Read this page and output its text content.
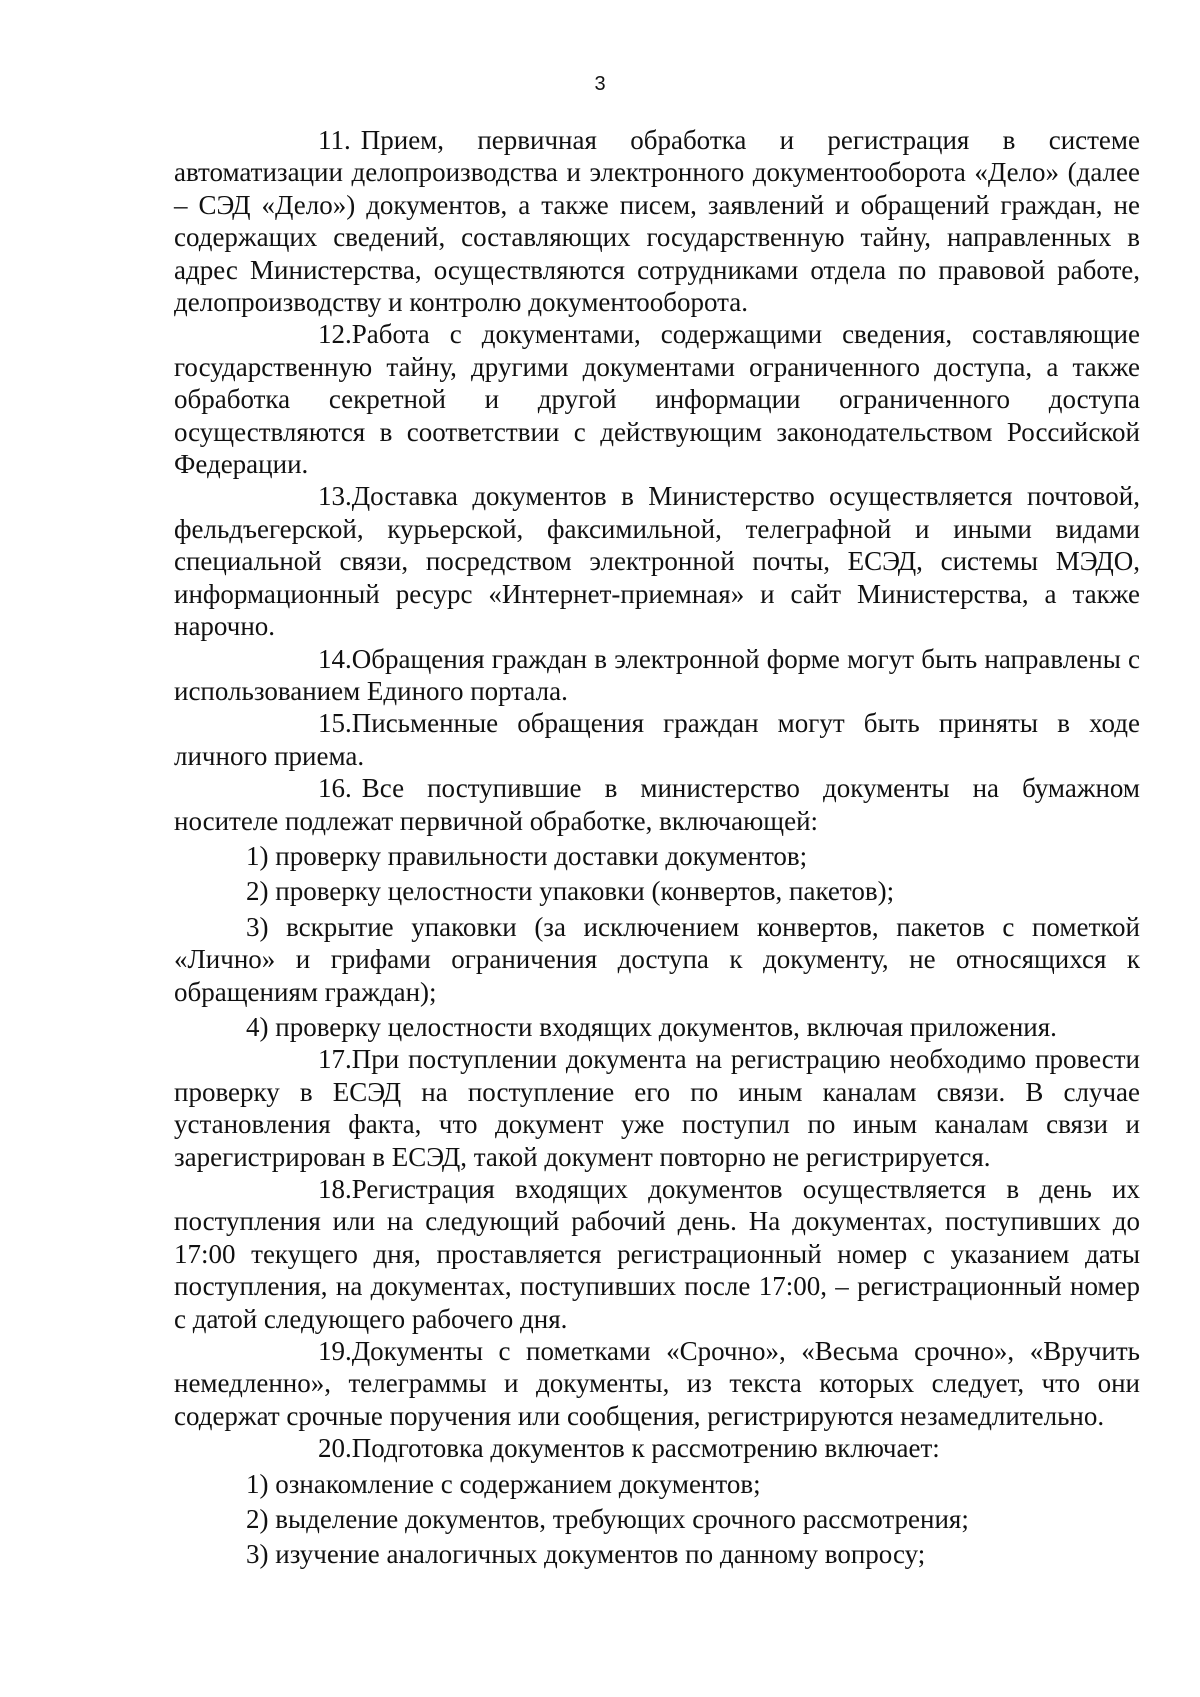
3

11. Прием, первичная обработка и регистрация в системе автоматизации делопроизводства и электронного документооборота «Дело» (далее – СЭД «Дело») документов, а также писем, заявлений и обращений граждан, не содержащих сведений, составляющих государственную тайну, направленных в адрес Министерства, осуществляются сотрудниками отдела по правовой работе, делопроизводству и контролю документооборота.

12.Работа с документами, содержащими сведения, составляющие государственную тайну, другими документами ограниченного доступа, а также обработка секретной и другой информации ограниченного доступа осуществляются в соответствии с действующим законодательством Российской Федерации.

13.Доставка документов в Министерство осуществляется почтовой, фельдъегерской, курьерской, факсимильной, телеграфной и иными видами специальной связи, посредством электронной почты, ЕСЭД, системы МЭДО, информационный ресурс «Интернет-приемная» и сайт Министерства, а также нарочно.

14.Обращения граждан в электронной форме могут быть направлены с использованием Единого портала.

15.Письменные обращения граждан могут быть приняты в ходе личного приема.

16. Все поступившие в министерство документы на бумажном носителе подлежат первичной обработке, включающей:

1) проверку правильности доставки документов;

2) проверку целостности упаковки (конвертов, пакетов);

3) вскрытие упаковки (за исключением конвертов, пакетов с пометкой «Лично» и грифами ограничения доступа к документу, не относящихся к обращениям граждан);

4) проверку целостности входящих документов, включая приложения.

17.При поступлении документа на регистрацию необходимо провести проверку в ЕСЭД на поступление его по иным каналам связи. В случае установления факта, что документ уже поступил по иным каналам связи и зарегистрирован в ЕСЭД, такой документ повторно не регистрируется.

18.Регистрация входящих документов осуществляется в день их поступления или на следующий рабочий день. На документах, поступивших до 17:00 текущего дня, проставляется регистрационный номер с указанием даты поступления, на документах, поступивших после 17:00, – регистрационный номер с датой следующего рабочего дня.

19.Документы с пометками «Срочно», «Весьма срочно», «Вручить немедленно», телеграммы и документы, из текста которых следует, что они содержат срочные поручения или сообщения, регистрируются незамедлительно.

20.Подготовка документов к рассмотрению включает:

1) ознакомление с содержанием документов;

2) выделение документов, требующих срочного рассмотрения;

3) изучение аналогичных документов по данному вопросу;
